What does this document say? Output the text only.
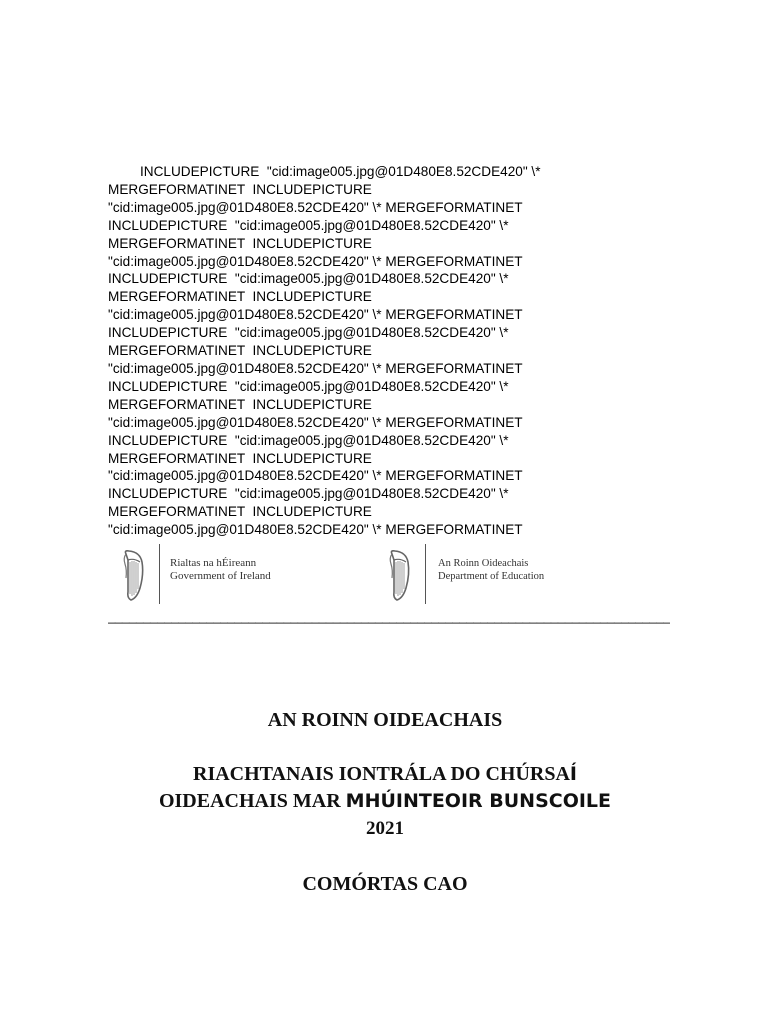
INCLUDEPICTURE  "cid:image005.jpg@01D480E8.52CDE420" \* MERGEFORMATINET  INCLUDEPICTURE  "cid:image005.jpg@01D480E8.52CDE420" \* MERGEFORMATINET  INCLUDEPICTURE  "cid:image005.jpg@01D480E8.52CDE420" \* MERGEFORMATINET  INCLUDEPICTURE  "cid:image005.jpg@01D480E8.52CDE420" \* MERGEFORMATINET  INCLUDEPICTURE  "cid:image005.jpg@01D480E8.52CDE420" \* MERGEFORMATINET  INCLUDEPICTURE  "cid:image005.jpg@01D480E8.52CDE420" \* MERGEFORMATINET  INCLUDEPICTURE  "cid:image005.jpg@01D480E8.52CDE420" \* MERGEFORMATINET  INCLUDEPICTURE  "cid:image005.jpg@01D480E8.52CDE420" \* MERGEFORMATINET  INCLUDEPICTURE  "cid:image005.jpg@01D480E8.52CDE420" \* MERGEFORMATINET  INCLUDEPICTURE  "cid:image005.jpg@01D480E8.52CDE420" \* MERGEFORMATINET  INCLUDEPICTURE  "cid:image005.jpg@01D480E8.52CDE420" \* MERGEFORMATINET  INCLUDEPICTURE  "cid:image005.jpg@01D480E8.52CDE420" \* MERGEFORMATINET  INCLUDEPICTURE  "cid:image005.jpg@01D480E8.52CDE420" \* MERGEFORMATINET  INCLUDEPICTURE  "cid:image005.jpg@01D480E8.52CDE420" \* MERGEFORMATINET
Rialtas na hÉireann
Government of Ireland
An Roinn Oideachais
Department of Education
________________________________________________________________________________
AN ROINN OIDEACHAIS
RIACHTANAIS IONTRÁLA DO CHÚRSAÍ
OIDEACHAIS MAR MHÚINTEOIR BUNSCOILE
2021
COMÓRTAS CAO
